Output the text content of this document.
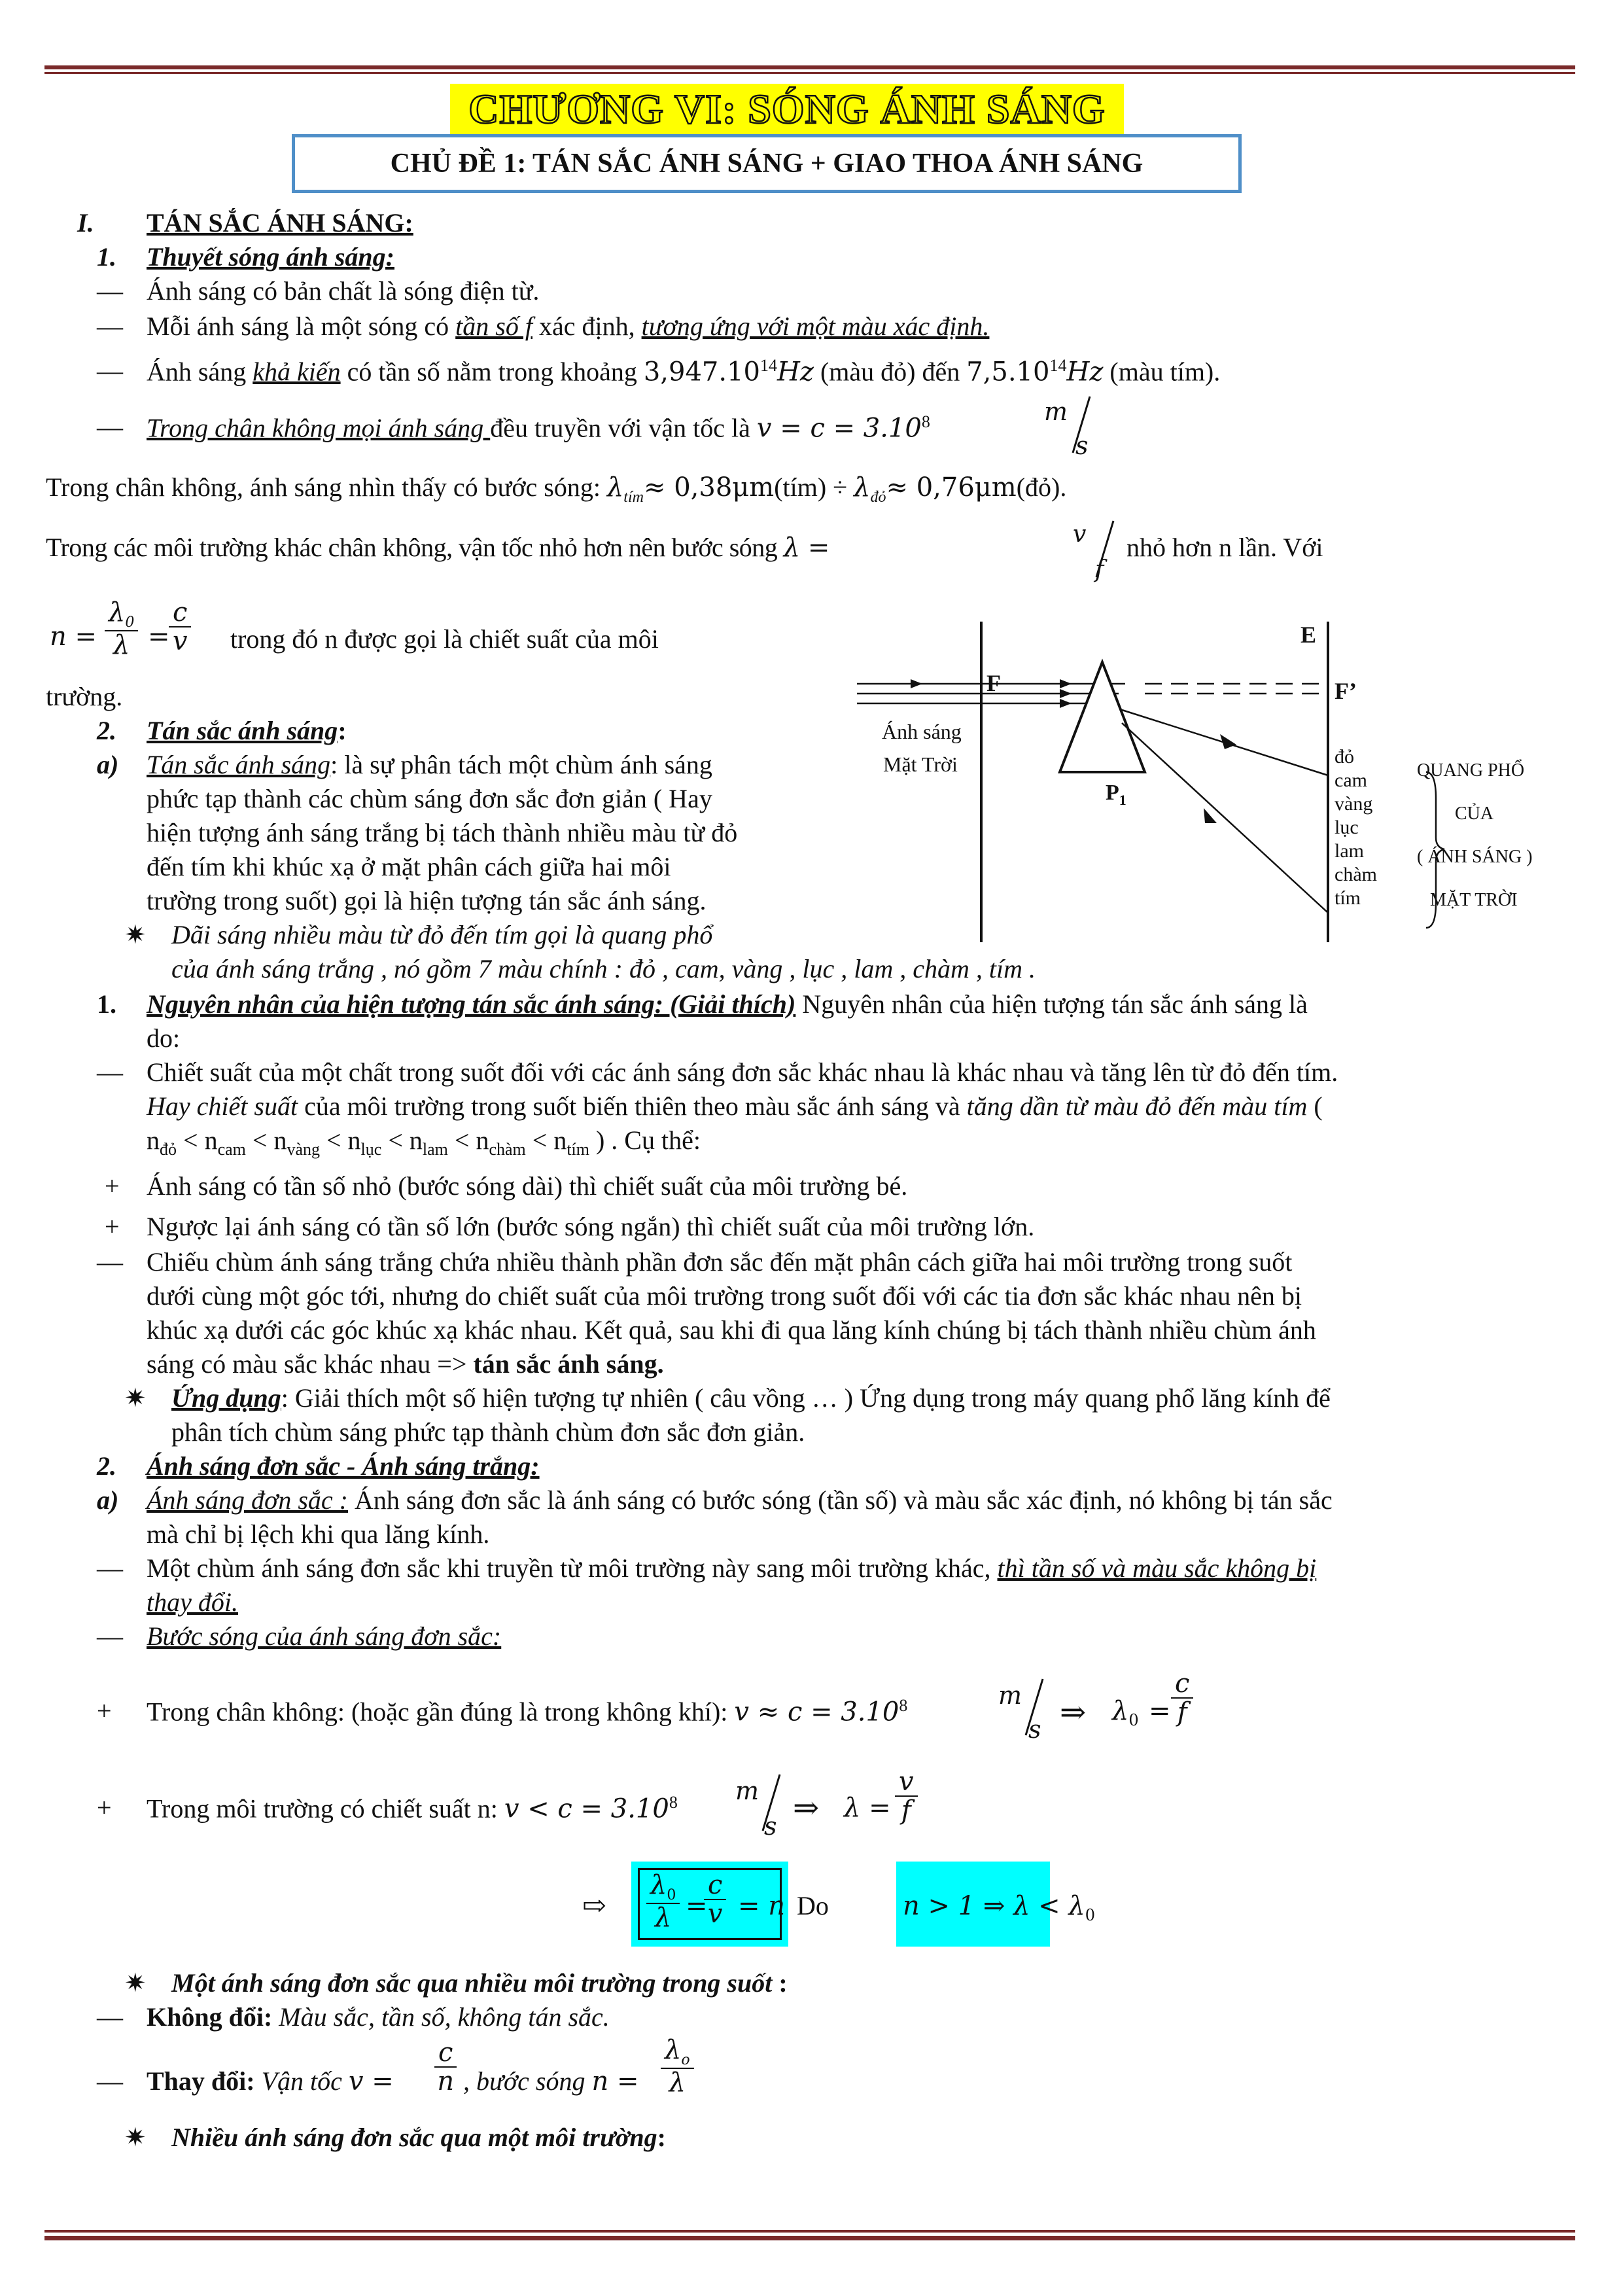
CHƯƠNG VI: SÓNG ÁNH SÁNG
CHỦ ĐỀ 1: TÁN SẮC ÁNH SÁNG + GIAO THOA ÁNH SÁNG
I. TÁN SẮC ÁNH SÁNG:
1. Thuyết sóng ánh sáng:
— Ánh sáng có bản chất là sóng điện từ.
— Mỗi ánh sáng là một sóng có tần số f xác định, tương ứng với một màu xác định.
— Ánh sáng khả kiến có tần số nằm trong khoảng 3,947.10$^{14}$Hz (màu đỏ) đến 7,5.10$^{14}$Hz (màu tím).
— Trong chân không mọi ánh sáng đều truyền với vận tốc là $v = c = 3.10^8$	m
s
Trong chân không, ánh sáng nhìn thấy có bước sóng: $\lambda_{tím}\approx$ 0,38μm(tím) ÷ $\lambda_{đỏ}\approx$ 0,76μm(đỏ).
Trong các môi trường khác chân không, vận tốc nhỏ hơn nên bước sóng λ =	v
f
nhỏ hơn n lần. Với
$n = \frac{\lambda_0}{\lambda}$ =
$\frac{c}{v}$ trong đó n được gọi là chiết suất của môi
trường.
2. Tán sắc ánh sáng:
a) Tán sắc ánh sáng: là sự phân tách một chùm ánh sáng
phức tạp thành các chùm sáng đơn sắc đơn giản ( Hay
hiện tượng ánh sáng trắng bị tách thành nhiều màu từ đỏ
đến tím khi khúc xạ ở mặt phân cách giữa hai môi
trường trong suốt) gọi là hiện tượng tán sắc ánh sáng.
✷ Dãi sáng nhiều màu từ đỏ đến tím gọi là quang phổ
của ánh sáng trắng , nó gồm 7 màu chính : đỏ , cam, vàng , lục , lam , chàm , tím .
E
F	F’
Ánh sáng
Mặt Trời
$P_1$
đỏ
cam
vàng
lục
lam
chàm
tím
QUANG PHỔ
CỦA
( ÁNH SÁNG )
MẶT TRỜI
1. Nguyên nhân của hiện tượng tán sắc ánh sáng: (Giải thích) Nguyên nhân của hiện tượng tán sắc ánh sáng là
do:
— Chiết suất của một chất trong suốt đối với các ánh sáng đơn sắc khác nhau là khác nhau và tăng lên từ đỏ đến tím.
Hay chiết suất của môi trường trong suốt biến thiên theo màu sắc ánh sáng và tăng dần từ màu đỏ đến màu tím (
$n_{đỏ} < n_{cam} < n_{vàng} < n_{lục} < n_{lam} < n_{chàm} < n_{tím}$ ) . Cụ thể:
+ Ánh sáng có tần số nhỏ (bước sóng dài) thì chiết suất của môi trường bé.
+ Ngược lại ánh sáng có tần số lớn (bước sóng ngắn) thì chiết suất của môi trường lớn.
— Chiếu chùm ánh sáng trắng chứa nhiều thành phần đơn sắc đến mặt phân cách giữa hai môi trường trong suốt
dưới cùng một góc tới, nhưng do chiết suất của môi trường trong suốt đối với các tia đơn sắc khác nhau nên bị
khúc xạ dưới các góc khúc xạ khác nhau. Kết quả, sau khi đi qua lăng kính chúng bị tách thành nhiều chùm ánh
sáng có màu sắc khác nhau => tán sắc ánh sáng.
✷ Ứng dụng: Giải thích một số hiện tượng tự nhiên ( câu vồng … ) Ứng dụng trong máy quang phổ lăng kính để
phân tích chùm sáng phức tạp thành chùm đơn sắc đơn giản.
2. Ánh sáng đơn sắc - Ánh sáng trắng:
a) Ánh sáng đơn sắc : Ánh sáng đơn sắc là ánh sáng có bước sóng (tần số) và màu sắc xác định, nó không bị tán sắc
mà chỉ bị lệch khi qua lăng kính.
— Một chùm ánh sáng đơn sắc khi truyền từ môi trường này sang môi trường khác, thì tần số và màu sắc không bị
thay đổi.
— Bước sóng của ánh sáng đơn sắc:
+ Trong chân không: (hoặc gần đúng là trong không khí): $v \approx c = 3.10^8$	m
s ⇒ $\lambda_0 = \frac{c}{f}$
+ Trong môi trường có chiết suất n: $v < c = 3.10^8$ m
s
⇒ $\lambda = \frac{v}{f}$
⇨ $\frac{\lambda_0}{\lambda}$ =
$\frac{c}{v} = n$ Do	n > 1 ⇒ $\lambda < \lambda_0$
✷ Một ánh sáng đơn sắc qua nhiều môi trường trong suốt :
— Không đổi: Màu sắc, tần số, không tán sắc.
— Thay đổi: Vận tốc $v = \frac{c}{n}$ , bước sóng $n = \frac{\lambda_o}{\lambda}$
✷ Nhiều ánh sáng đơn sắc qua một môi trường:
